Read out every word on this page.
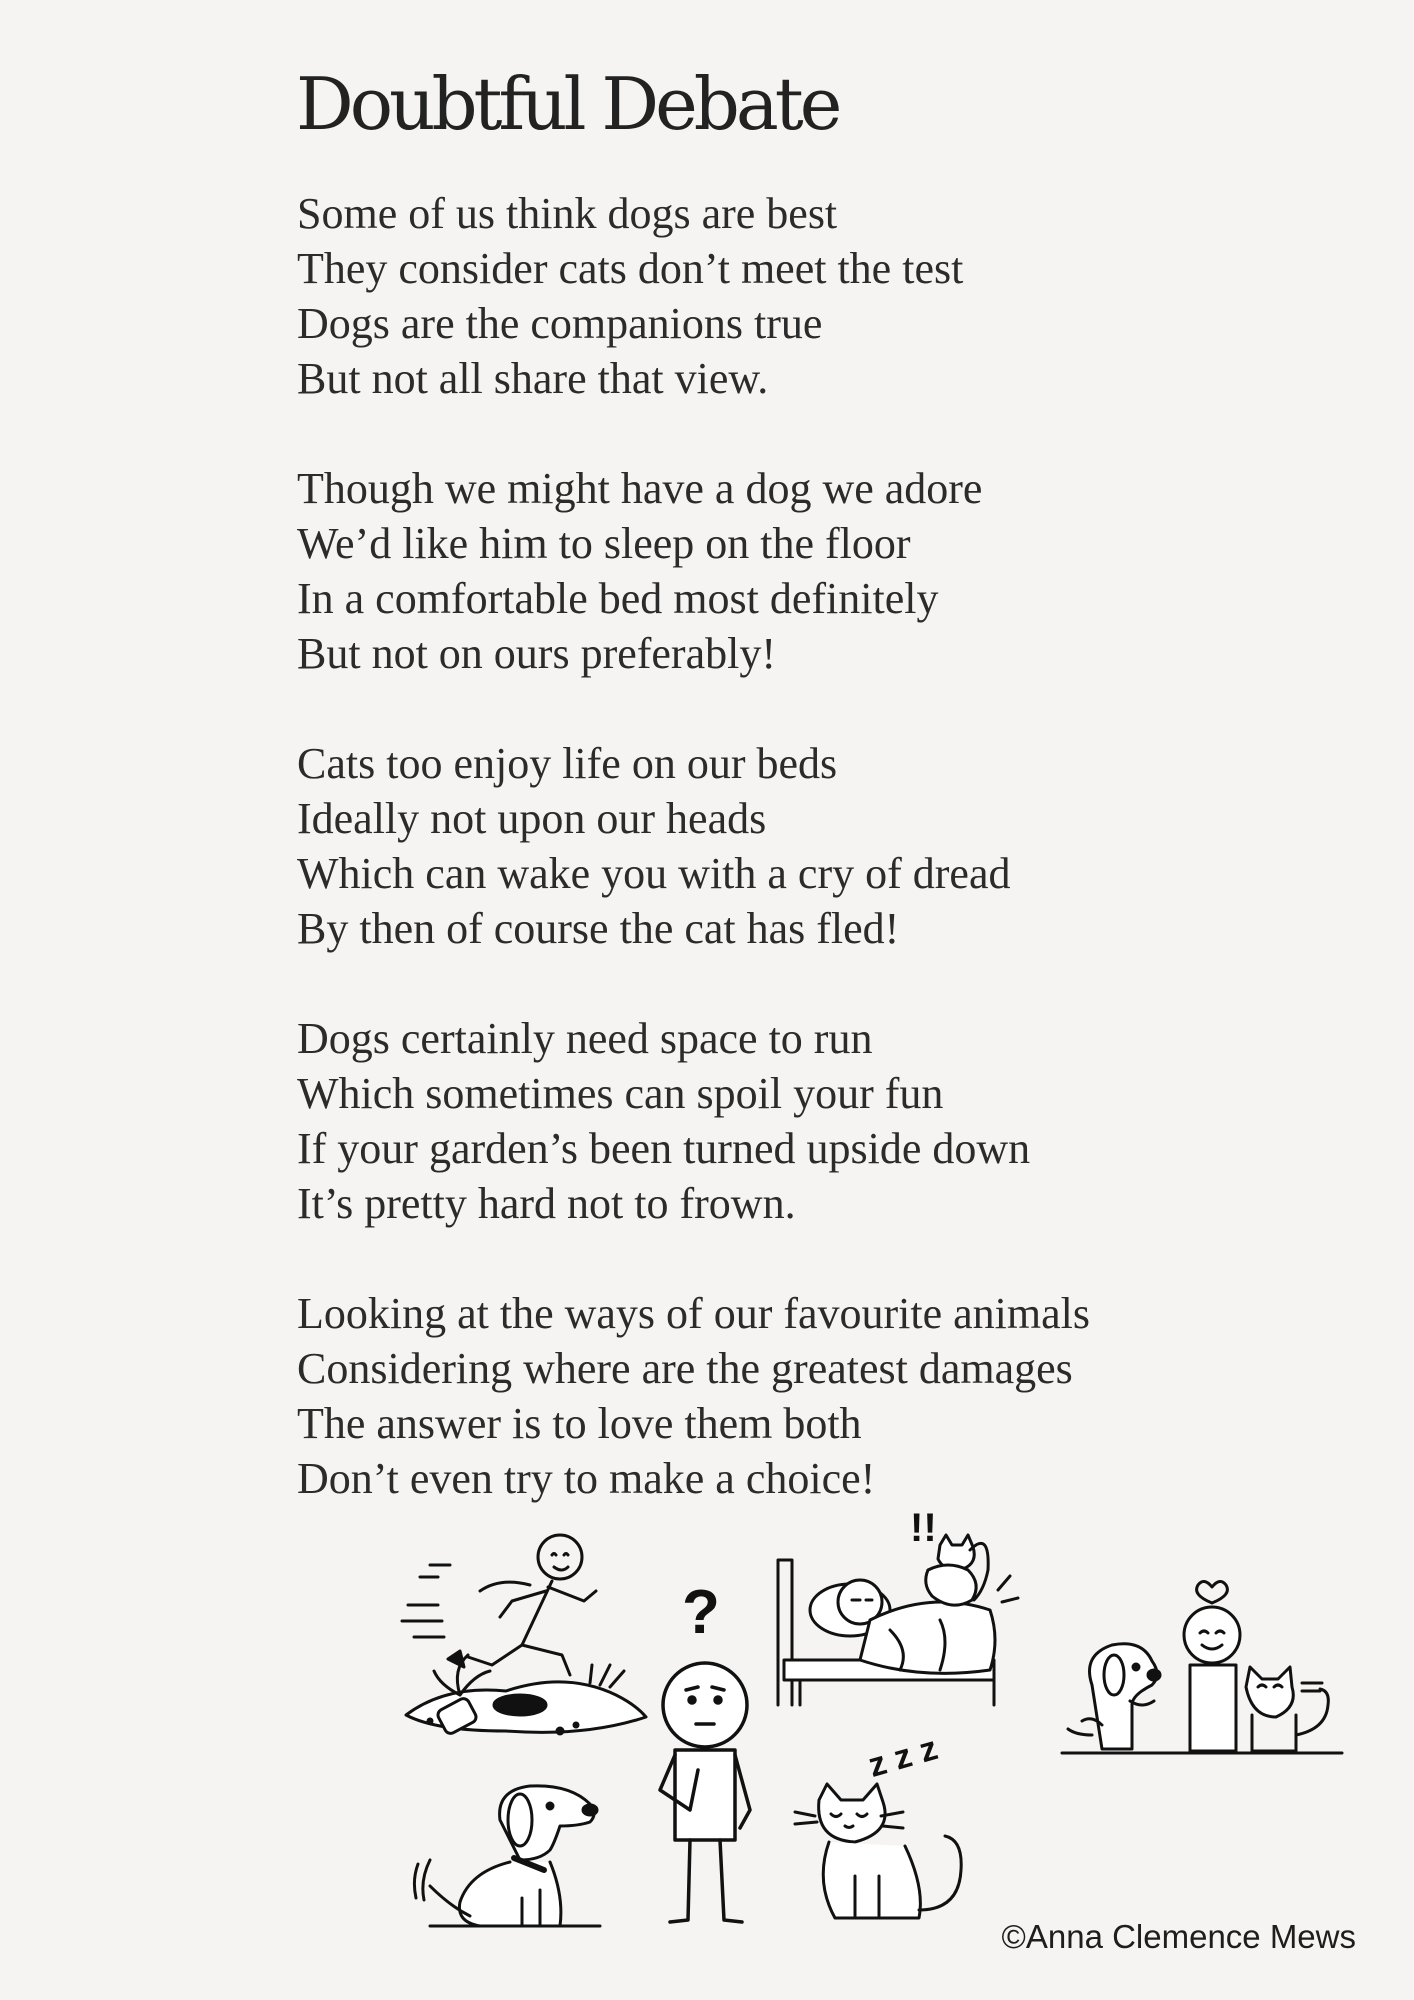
Doubtful Debate
Some of us think dogs are best
They consider cats don’t meet the test
Dogs are the companions true
But not all share that view.
Though we might have a dog we adore
We’d like him to sleep on the floor
In a comfortable bed most definitely
But not on ours preferably!
Cats too enjoy life on our beds
Ideally not upon our heads
Which can wake you with a cry of dread
By then of course the cat has fled!
Dogs certainly need space to run
Which sometimes can spoil your fun
If your garden’s been turned upside down
It’s pretty hard not to frown.
Looking at the ways of our favourite animals
Considering where are the greatest damages
The answer is to love them both
Don’t even try to make a choice!
?
!!
z z z
©Anna Clemence Mews
